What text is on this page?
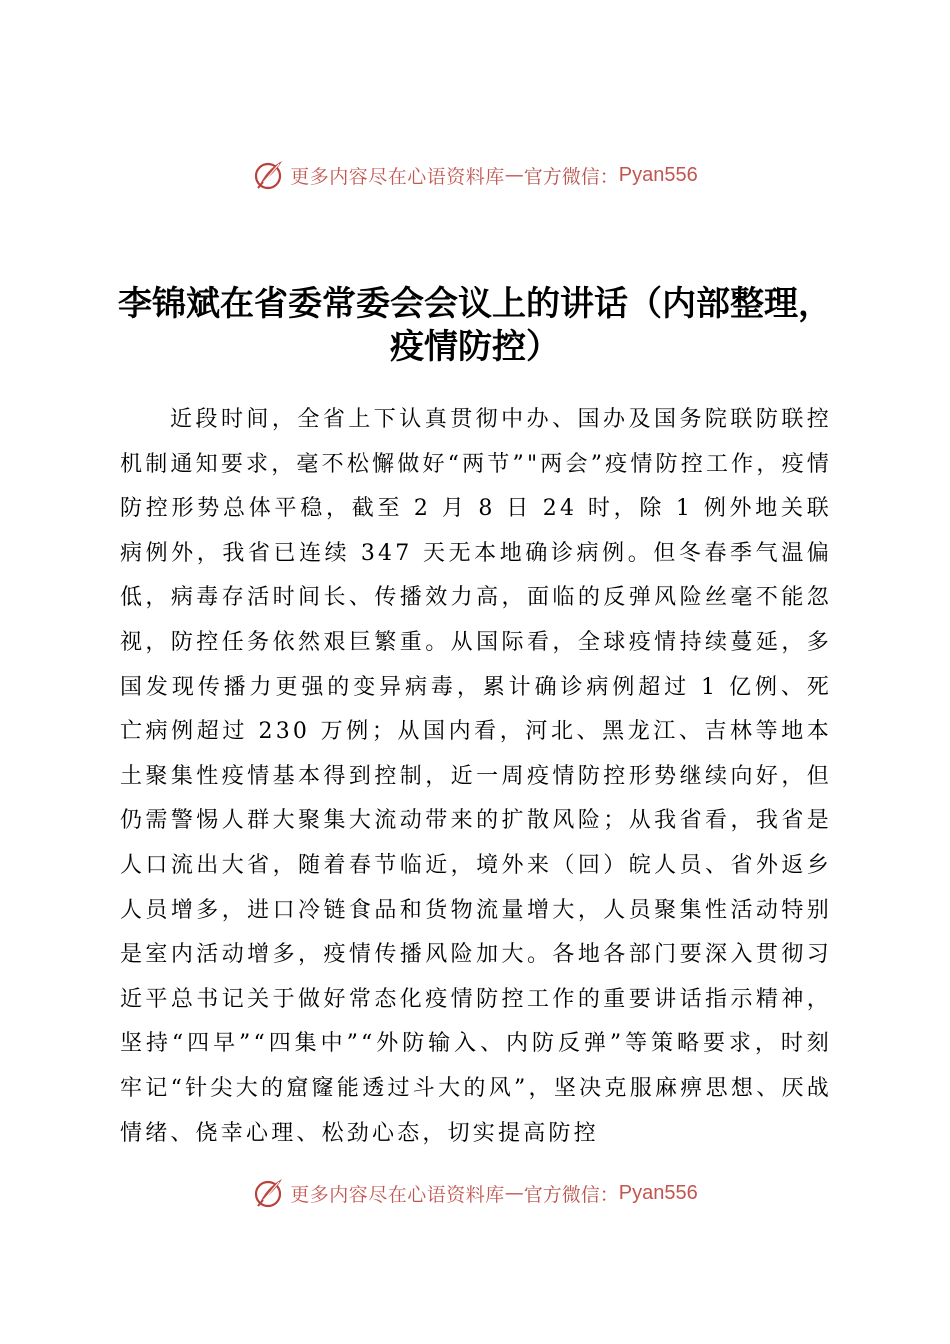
更多内容尽在心语资料库 — 官方微信： Pyan556
李锦斌在省委常委会会议上的讲话（内部整理，疫情防控）

近段时间，全省上下认真贯彻中办、国办及国务院联防联控机制通知要求，毫不松懈做好“两节”"两会”疫情防控工作，疫情防控形势总体平稳，截至 2 月 8 日 24 时，除 1 例外地关联病例外，我省已连续 347 天无本地确诊病例。但冬春季气温偏低，病毒存活时间长、传播效力高，面临的反弹风险丝毫不能忽视，防控任务依然艰巨繁重。从国际看，全球疫情持续蔓延，多国发现传播力更强的变异病毒，累计确诊病例超过 1 亿例、死亡病例超过 230 万例；从国内看，河北、黑龙江、吉林等地本土聚集性疫情基本得到控制，近一周疫情防控形势继续向好，但仍需警惕人群大聚集大流动带来的扩散风险；从我省看，我省是人口流出大省，随着春节临近，境外来（回）皖人员、省外返乡人员增多，进口冷链食品和货物流量增大，人员聚集性活动特别是室内活动增多，疫情传播风险加大。各地各部门要深入贯彻习近平总书记关于做好常态化疫情防控工作的重要讲话指示精神，坚持“四早”“四集中”“外防输入、内防反弹”等策略要求，时刻牢记“针尖大的窟窿能透过斗大的风”，坚决克服麻痹思想、厌战情绪、侥幸心理、松劲心态，切实提高防控

更多内容尽在心语资料库 — 官方微信： Pyan556
